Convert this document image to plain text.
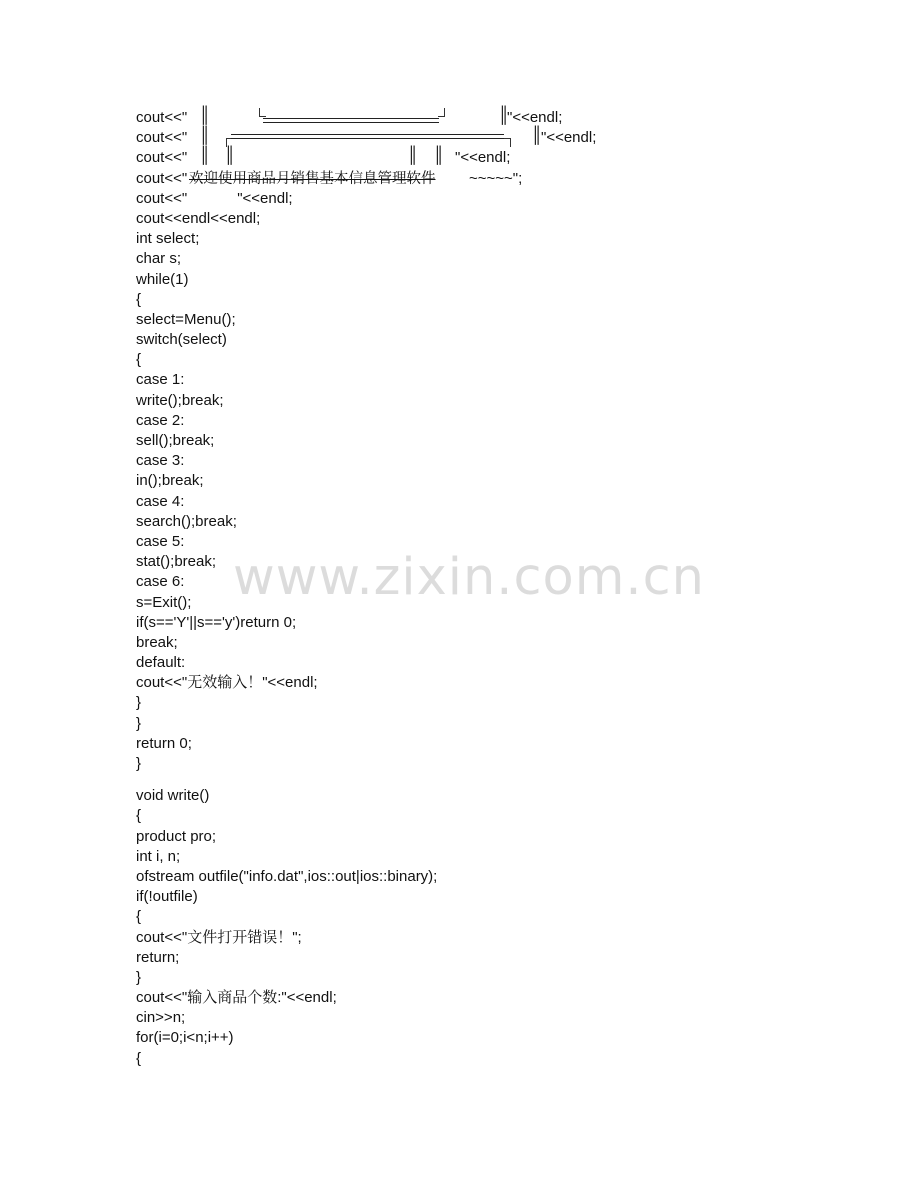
cout<<" ║	║
"<<endl;
cout<<" ║	║ "<<endl;
cout<<" ║ ║	║ ║ "<<endl;
cout<<" 欢迎使用商品月销售基本信息管理软件 ~~~~~";
cout<<"            "<<endl;
cout<<endl<<endl;
int select;
char s;
while(1)
{
select=Menu();
switch(select)
{
case 1:
write();break;
case 2:
sell();break;
case 3:
in();break;
case 4:
search();break;
case 5:
stat();break;
case 6:
s=Exit();
if(s=='Y'||s=='y')return 0;
break;
default:
cout<<"无效输入！"<<endl;
}
}
return 0;
}
void write()
{
product pro;
int i, n;
ofstream outfile("info.dat",ios::out|ios::binary);
if(!outfile)
{
cout<<"文件打开错误！";
return;
}
cout<<"输入商品个数:"<<endl;
cin>>n;
for(i=0;i<n;i++)
{
www.zixin.com.cn
